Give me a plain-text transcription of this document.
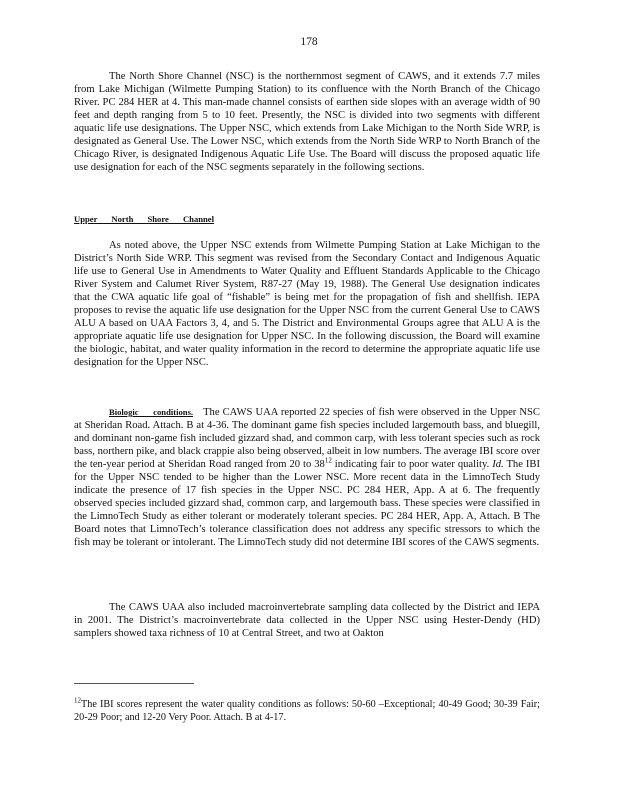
178

The North Shore Channel (NSC) is the northernmost segment of CAWS, and it extends 7.7 miles from Lake Michigan (Wilmette Pumping Station) to its confluence with the North Branch of the Chicago River. PC 284 HER at 4. This man-made channel consists of earthen side slopes with an average width of 90 feet and depth ranging from 5 to 10 feet. Presently, the NSC is divided into two segments with different aquatic life use designations. The Upper NSC, which extends from Lake Michigan to the North Side WRP, is designated as General Use. The Lower NSC, which extends from the North Side WRP to North Branch of the Chicago River, is designated Indigenous Aquatic Life Use. The Board will discuss the proposed aquatic life use designation for each of the NSC segments separately in the following sections.

Upper North Shore Channel

As noted above, the Upper NSC extends from Wilmette Pumping Station at Lake Michigan to the District’s North Side WRP. This segment was revised from the Secondary Contact and Indigenous Aquatic life use to General Use in Amendments to Water Quality and Effluent Standards Applicable to the Chicago River System and Calumet River System, R87-27 (May 19, 1988). The General Use designation indicates that the CWA aquatic life goal of “fishable” is being met for the propagation of fish and shellfish. IEPA proposes to revise the aquatic life use designation for the Upper NSC from the current General Use to CAWS ALU A based on UAA Factors 3, 4, and 5. The District and Environmental Groups agree that ALU A is the appropriate aquatic life use designation for Upper NSC. In the following discussion, the Board will examine the biologic, habitat, and water quality information in the record to determine the appropriate aquatic life use designation for the Upper NSC.

Biologic conditions. The CAWS UAA reported 22 species of fish were observed in the Upper NSC at Sheridan Road. Attach. B at 4-36. The dominant game fish species included largemouth bass, and bluegill, and dominant non-game fish included gizzard shad, and common carp, with less tolerant species such as rock bass, northern pike, and black crappie also being observed, albeit in low numbers. The average IBI score over the ten-year period at Sheridan Road ranged from 20 to $38^{12}$ indicating fair to poor water quality. Id. The IBI for the Upper NSC tended to be higher than the Lower NSC. More recent data in the LimnoTech Study indicate the presence of 17 fish species in the Upper NSC. PC 284 HER, App. A at 6. The frequently observed species included gizzard shad, common carp, and largemouth bass. These species were classified in the LimnoTech Study as either tolerant or moderately tolerant species. PC 284 HER, App. A, Attach. B The Board notes that LimnoTech’s tolerance classification does not address any specific stressors to which the fish may be tolerant or intolerant. The LimnoTech study did not determine IBI scores of the CAWS segments.

The CAWS UAA also included macroinvertebrate sampling data collected by the District and IEPA in 2001. The District’s macroinvertebrate data collected in the Upper NSC using Hester-Dendy (HD) samplers showed taxa richness of 10 at Central Street, and two at Oakton

$^{12}$The IBI scores represent the water quality conditions as follows: 50-60 –Exceptional; 40-49 Good; 30-39 Fair; 20-29 Poor; and 12-20 Very Poor. Attach. B at 4-17.
